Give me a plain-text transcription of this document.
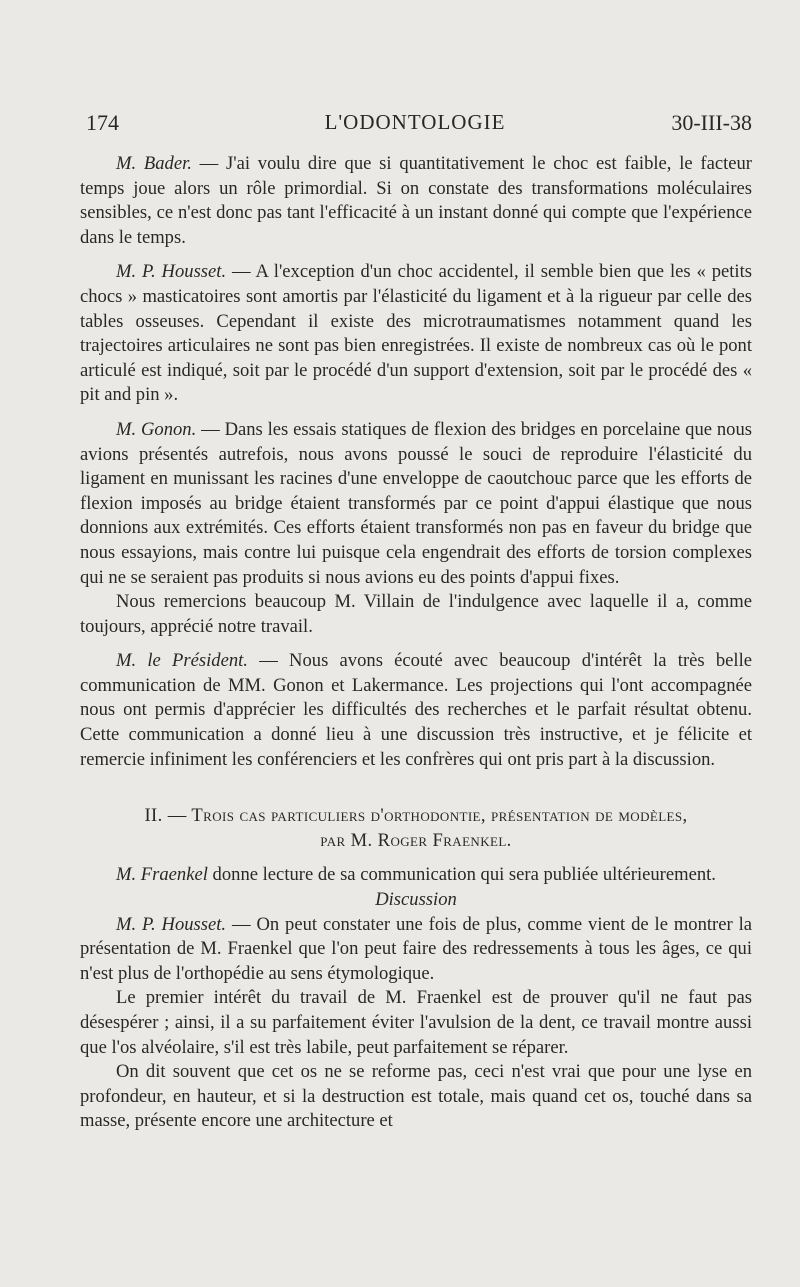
174	L'ODONTOLOGIE	30-III-38

M. Bader. — J'ai voulu dire que si quantitativement le choc est faible, le facteur temps joue alors un rôle primordial. Si on constate des transformations moléculaires sensibles, ce n'est donc pas tant l'efficacité à un instant donné qui compte que l'expérience dans le temps.

M. P. Housset. — A l'exception d'un choc accidentel, il semble bien que les « petits chocs » masticatoires sont amortis par l'élasticité du ligament et à la rigueur par celle des tables osseuses. Cependant il existe des microtraumatismes notamment quand les trajectoires articulaires ne sont pas bien enregistrées. Il existe de nombreux cas où le pont articulé est indiqué, soit par le procédé d'un support d'extension, soit par le procédé des « pit and pin ».

M. Gonon. — Dans les essais statiques de flexion des bridges en porcelaine que nous avions présentés autrefois, nous avons poussé le souci de reproduire l'élasticité du ligament en munissant les racines d'une enveloppe de caoutchouc parce que les efforts de flexion imposés au bridge étaient transformés par ce point d'appui élastique que nous donnions aux extrémités. Ces efforts étaient transformés non pas en faveur du bridge que nous essayions, mais contre lui puisque cela engendrait des efforts de torsion complexes qui ne se seraient pas produits si nous avions eu des points d'appui fixes.

Nous remercions beaucoup M. Villain de l'indulgence avec laquelle il a, comme toujours, apprécié notre travail.

M. le Président. — Nous avons écouté avec beaucoup d'intérêt la très belle communication de MM. Gonon et Lakermance. Les projections qui l'ont accompagnée nous ont permis d'apprécier les difficultés des recherches et le parfait résultat obtenu. Cette communication a donné lieu à une discussion très instructive, et je félicite et remercie infiniment les conférenciers et les confrères qui ont pris part à la discussion.

II. — Trois cas particuliers d'orthodontie, présentation de modèles,
par M. Roger Fraenkel.

M. Fraenkel donne lecture de sa communication qui sera publiée ultérieurement.

Discussion

M. P. Housset. — On peut constater une fois de plus, comme vient de le montrer la présentation de M. Fraenkel que l'on peut faire des redressements à tous les âges, ce qui n'est plus de l'orthopédie au sens étymologique.

Le premier intérêt du travail de M. Fraenkel est de prouver qu'il ne faut pas désespérer ; ainsi, il a su parfaitement éviter l'avulsion de la dent, ce travail montre aussi que l'os alvéolaire, s'il est très labile, peut parfaitement se réparer.

On dit souvent que cet os ne se reforme pas, ceci n'est vrai que pour une lyse en profondeur, en hauteur, et si la destruction est totale, mais quand cet os, touché dans sa masse, présente encore une architecture et
